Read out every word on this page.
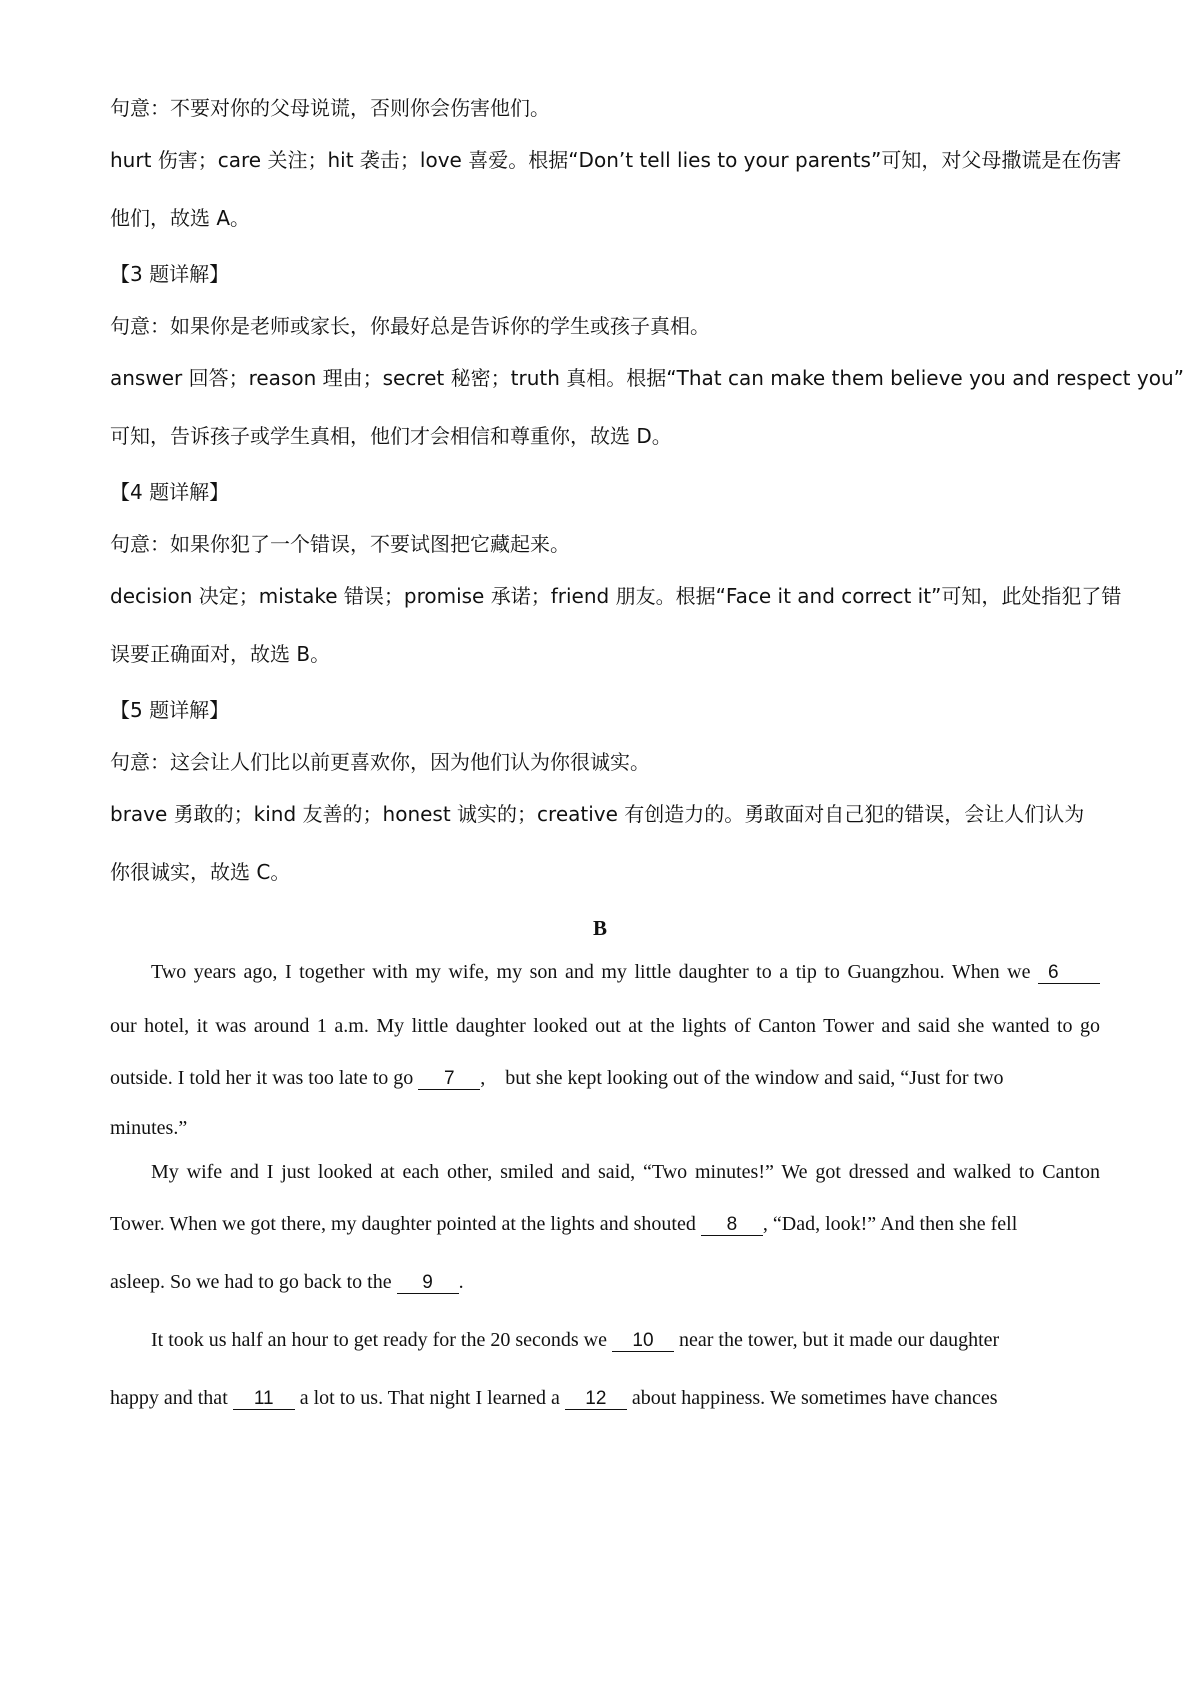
句意：不要对你的父母说谎，否则你会伤害他们。
hurt 伤害；care 关注；hit 袭击；love 喜爱。根据“Don’t tell lies to your parents”可知，对父母撒谎是在伤害
他们，故选 A。
【3 题详解】
句意：如果你是老师或家长，你最好总是告诉你的学生或孩子真相。
answer 回答；reason 理由；secret 秘密；truth 真相。根据“That can make them believe you and respect you”
可知，告诉孩子或学生真相，他们才会相信和尊重你，故选 D。
【4 题详解】
句意：如果你犯了一个错误，不要试图把它藏起来。
decision 决定；mistake 错误；promise 承诺；friend 朋友。根据“Face it and correct it”可知，此处指犯了错
误要正确面对，故选 B。
【5 题详解】
句意：这会让人们比以前更喜欢你，因为他们认为你很诚实。
brave 勇敢的；kind 友善的；honest 诚实的；creative 有创造力的。勇敢面对自己犯的错误，会让人们认为
你很诚实，故选 C。
B
Two years ago, I together with my wife, my son and my little daughter to a tip to Guangzhou. When we 6
our hotel, it was around 1 a.m. My little daughter looked out at the lights of Canton Tower and said she wanted to go
outside. I told her it was too late to go 7 ,    but she kept looking out of the window and said, “Just for two
minutes.”
My wife and I just looked at each other, smiled and said, “Two minutes!” We got dressed and walked to Canton
Tower. When we got there, my daughter pointed at the lights and shouted 8 , “Dad, look!” And then she fell
asleep. So we had to go back to the 9 .
It took us half an hour to get ready for the 20 seconds we 10 near the tower, but it made our daughter
happy and that 11 a lot to us. That night I learned a 12 about happiness. We sometimes have chances
